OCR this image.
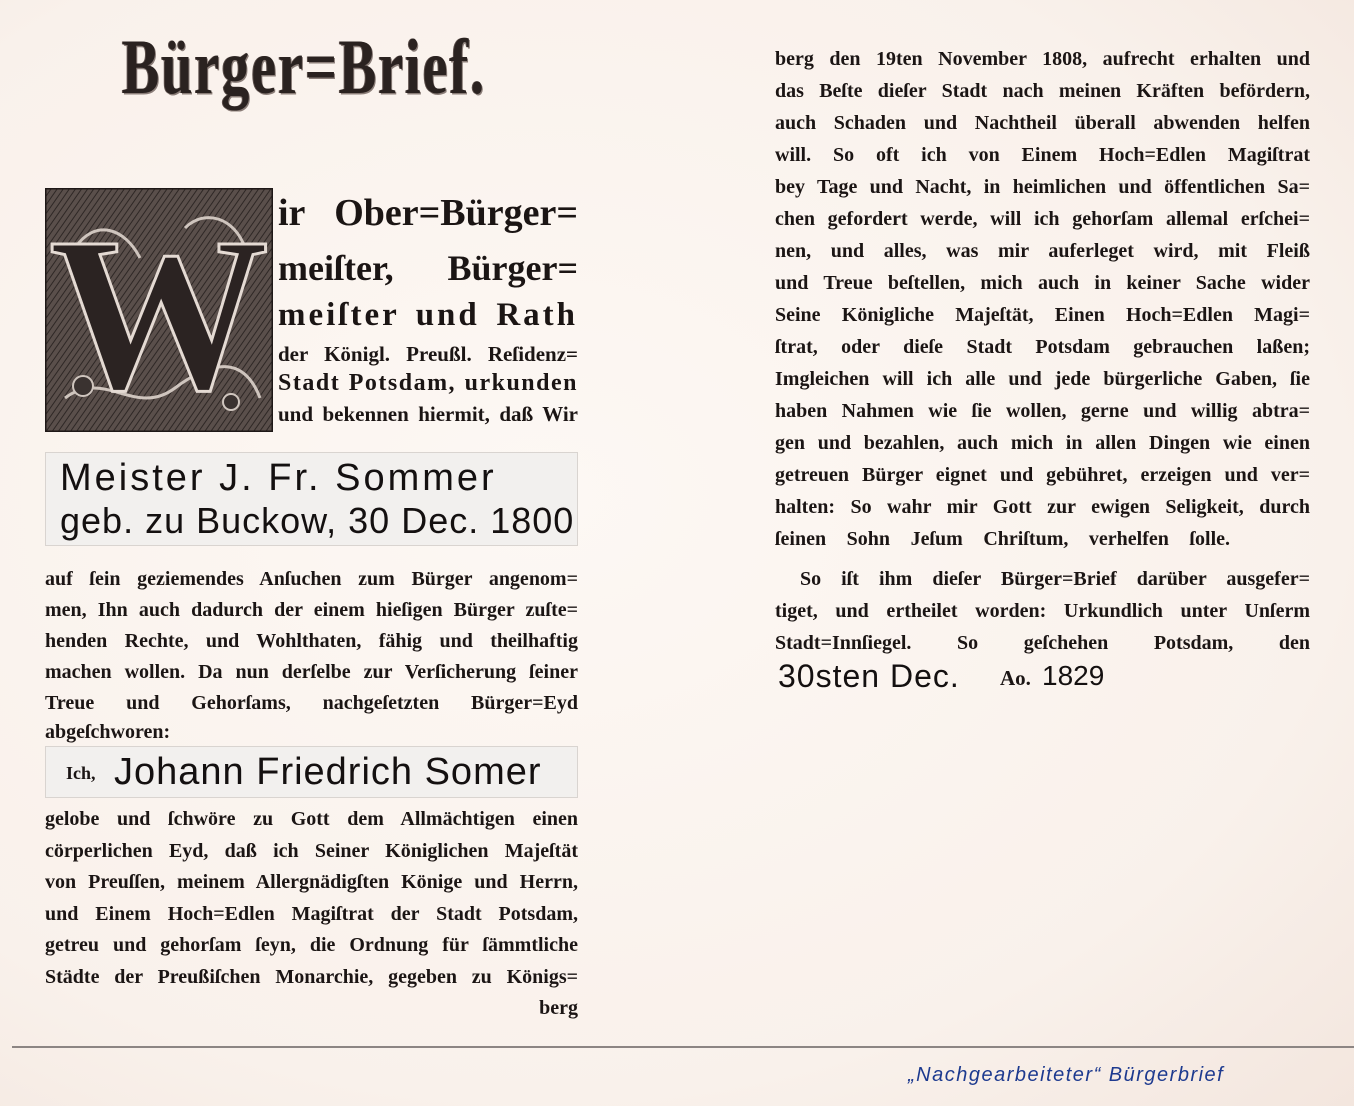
Bürger=Brief.
W ir Ober=Bürger=
meiſter, Bürger=
meiſter und Rath
der Königl. Preußl. Reſidenz=
Stadt Potsdam, urkunden
und bekennen hiermit, daß Wir
Meister J. Fr. Sommer
geb. zu Buckow, 30 Dec. 1800
auf ſein geziemendes Anſuchen zum Bürger angenom=
men, Ihn auch dadurch der einem hieſigen Bürger zuſte=
henden Rechte, und Wohlthaten, fähig und theilhaftig
machen wollen. Da nun derſelbe zur Verſicherung ſeiner
Treue und Gehorſams, nachgeſetzten Bürger=Eyd
abgeſchworen:
Ich, Johann Friedrich Somer
gelobe und ſchwöre zu Gott dem Allmächtigen einen
cörperlichen Eyd, daß ich Seiner Königlichen Majeſtät
von Preuſſen, meinem Allergnädigſten Könige und Herrn,
und Einem Hoch=Edlen Magiſtrat der Stadt Potsdam,
getreu und gehorſam ſeyn, die Ordnung für ſämmtliche
Städte der Preußiſchen Monarchie, gegeben zu Königs=
berg
berg den 19ten November 1808, aufrecht erhalten und
das Beſte dieſer Stadt nach meinen Kräften befördern,
auch Schaden und Nachtheil überall abwenden helfen
will. So oft ich von Einem Hoch=Edlen Magiſtrat
bey Tage und Nacht, in heimlichen und öffentlichen Sa=
chen gefordert werde, will ich gehorſam allemal erſchei=
nen, und alles, was mir auferleget wird, mit Fleiß
und Treue beſtellen, mich auch in keiner Sache wider
Seine Königliche Majeſtät, Einen Hoch=Edlen Magi=
ſtrat, oder dieſe Stadt Potsdam gebrauchen laßen;
Imgleichen will ich alle und jede bürgerliche Gaben, ſie
haben Nahmen wie ſie wollen, gerne und willig abtra=
gen und bezahlen, auch mich in allen Dingen wie einen
getreuen Bürger eignet und gebühret, erzeigen und ver=
halten: So wahr mir Gott zur ewigen Seligkeit, durch
ſeinen Sohn Jeſum Chriſtum, verhelfen ſolle.
So iſt ihm dieſer Bürger=Brief darüber ausgefer=
tiget, und ertheilet worden: Urkundlich unter Unſerm
Stadt=Innſiegel. So geſchehen Potsdam, den
30sten Dec. Ao. 1829
„Nachgearbeiteter“ Bürgerbrief
